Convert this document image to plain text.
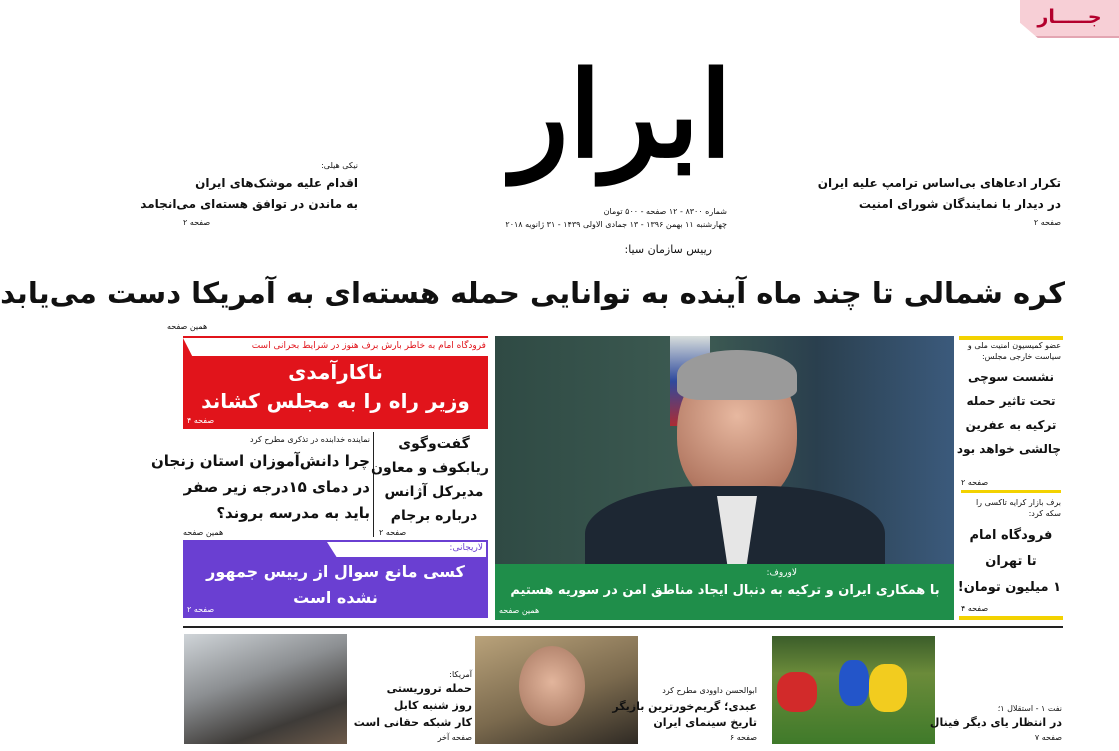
جـــــار
ابرار
شماره ۸۳۰۰ - ۱۲ صفحه - ۵۰۰ تومان
چهارشنبه ۱۱ بهمن ۱۳۹۶ - ۱۳ جمادی الاولی ۱۴۳۹ - ۳۱ ژانویه ۲۰۱۸
تکرار ادعاهای بی‌اساس ترامپ علیه ایران
در دیدار با نمایندگان شورای امنیت
صفحه ۲
نیکی هیلی:
اقدام علیه موشک‌های ایران
به ماندن در توافق هسته‌ای می‌انجامد
صفحه ۲
رییس سازمان سیا:
کره شمالی تا چند ماه آینده به توانایی حمله هسته‌ای به آمریکا دست می‌یابد
همین صفحه
فرودگاه امام به خاطر بارش برف هنوز در شرایط بحرانی است
ناکارآمدی
وزیر راه را به مجلس کشاند
صفحه ۴
نماینده خدابنده در تذکری مطرح کرد
چرا دانش‌آموزان استان زنجان
در دمای ۱۵درجه زیر صفر
باید به مدرسه بروند؟
همین صفحه
گفت‌وگوی
ریابکوف و معاون
مدیرکل آژانس
درباره برجام
صفحه ۲
لاریجانی:
کسی مانع سوال از رییس جمهور
نشده است
صفحه ۲
لاوروف:
با همکاری ایران و ترکیه به دنبال ایجاد مناطق امن در سوریه هستیم
همین صفحه
عضو کمیسیون امنیت ملی و سیاست خارجی مجلس:
نشست سوچی
تحت تاثیر حمله
ترکیه به عفرین
چالشی خواهد بود
صفحه ۲
برف بازار کرایه تاکسی را سکه کرد:
فرودگاه امام
تا تهران
۱ میلیون تومان!
صفحه ۴
آمریکا:
حمله تروریستی
روز شنبه کابل
کار شبکه حقانی است
صفحه آخر
ابوالحسن داوودی مطرح کرد
عبدی؛ گریم‌خورترین بازیگر
تاریخ سینمای ایران
صفحه ۶
نفت ۱ - استقلال ۱؛
در انتظار یای دیگر فینال
صفحه ۷
